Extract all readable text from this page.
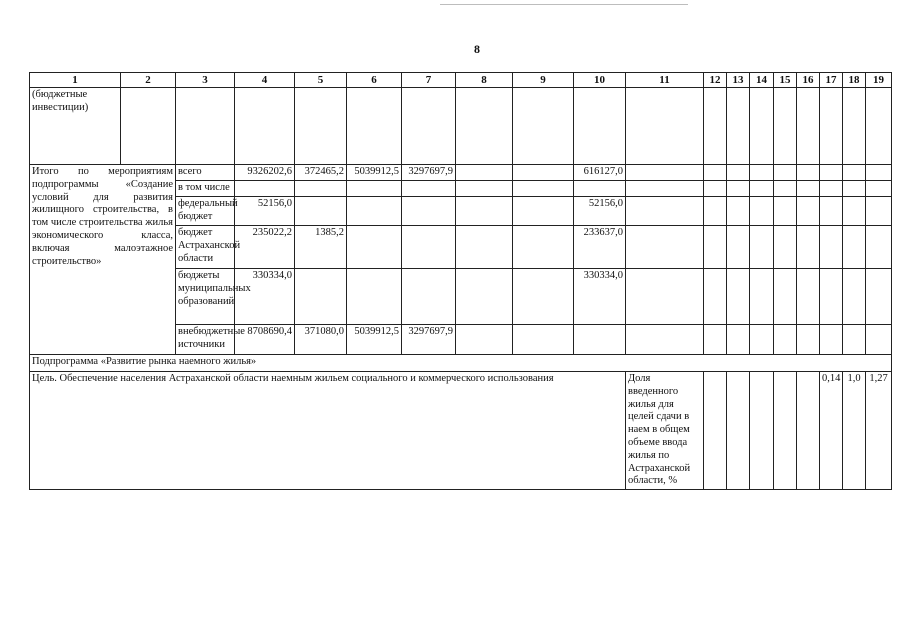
8
1	2	3	4	5	6	7	8	9	10	11	12	13	14	15	16	17	18	19
(бюджетные инвестиции)																		
Итого по мероприятиям подпрограммы «Создание условий для развития жилищного строительства, в том числе строительства жилья экономического класса, включая малоэтажное строительство»		всего	9326202,6	372465,2	5039912,5	3297697,9			616127,0									
		в том числе																
		федеральный бюджет	52156,0						52156,0									
		бюджет Астраханской области	235022,2	1385,2					233637,0									
		бюджеты муниципальных образований	330334,0						330334,0									
		внебюджетные источники	8708690,4	371080,0	5039912,5	3297697,9												
Подпрограмма «Развитие рынка наемного жилья»																		
Цель. Обеспечение населения Астраханской области наемным жильем социального и коммерческого использования										Доля введенного жилья для целей сдачи в наем в общем объеме ввода жилья по Астраханской области, %						0,14	1,0	1,27
